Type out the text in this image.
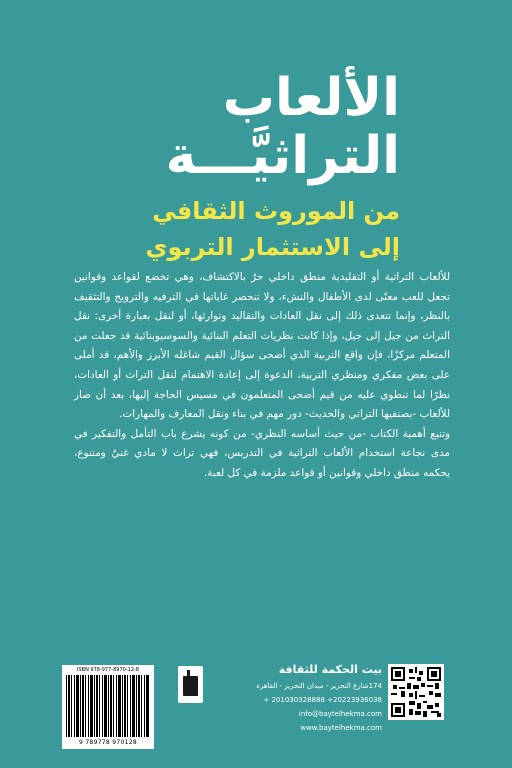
الألعاب
التراثيَّـــة
من الموروث الثقافي
إلى الاستثمار التربوي

للألعاب التراثية أو التقليدية منطق داخلي حرٌ بالاكتشاف، وهي تخضع لقواعد وقوانين تجعل للعب معنًى لدى الأطفال والنشء، ولا تنحصر غاياتها في الترفيه والترويح والتثقيف بالنظر، وإنما تتعدى ذلك إلى نقل العادات والتقاليد وتوارثها، أو لنقل بعبارة أخرى: نقل التراث من جيل إلى جيل، وإذا كانت نظريات التعلم البنائية والسوسيوبنائية قد جعلت من المتعلم مركزًا، فإن واقع التربية الذي أضحى سؤال القيم شاغله الأبرز والأهم، قد أملى على بعض مفكري ومنظري التربية، الدعوة إلى إعادة الاهتمام لنقل التراث أو العادات، نظرًا لما تنطوي عليه من قيم أضحى المتعلمون في مسيس الحاجة إليها، بعد أن صار للألعاب -بصنفيها التراثي والحديث- دور مهم في بناء ونقل المعارف والمهارات.

وتنبع أهمية الكتاب -من حيث أساسه النظري- من كونه يشرع باب التأمل والتفكير في مدى نجاعة استخدام الألعاب التراثية في التدريس، فهي تراث لا مادي غنيٌ ومتنوع، يحكمه منطق داخلي وقوانين أو قواعد ملزمة في كل لعبة.

ISBN 978-977-8970-12-8
9 789778 970128
بيت الحكمة للثقافة
174شارع التحرير - ميدان التحرير - القاهرة
+ 201030328888 +20223936038
info@baytelhekma.com
www.baytelhekma.com
